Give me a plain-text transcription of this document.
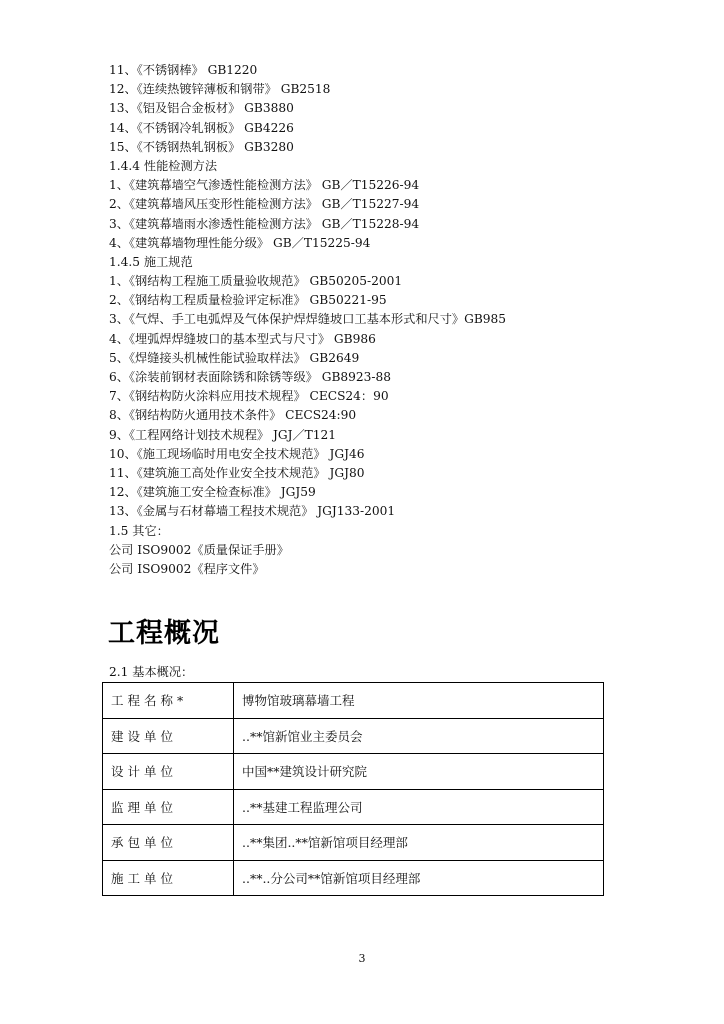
11、《不锈钢棒》 GB1220
12、《连续热镀锌薄板和钢带》 GB2518
13、《铝及铝合金板材》 GB3880
14、《不锈钢冷轧钢板》 GB4226
15、《不锈钢热轧钢板》 GB3280
1.4.4 性能检测方法
1、《建筑幕墙空气渗透性能检测方法》 GB／T15226-94
2、《建筑幕墙风压变形性能检测方法》 GB／T15227-94
3、《建筑幕墙雨水渗透性能检测方法》 GB／T15228-94
4、《建筑幕墙物理性能分级》 GB／T15225-94
1.4.5 施工规范
1、《钢结构工程施工质量验收规范》 GB50205-2001
2、《钢结构工程质量检验评定标准》 GB50221-95
3、《气焊、手工电弧焊及气体保护焊焊缝坡口工基本形式和尺寸》GB985
4、《埋弧焊焊缝坡口的基本型式与尺寸》 GB986
5、《焊缝接头机械性能试验取样法》 GB2649
6、《涂装前钢材表面除锈和除锈等级》 GB8923-88
7、《钢结构防火涂料应用技术规程》 CECS24：90
8、《钢结构防火通用技术条件》 CECS24:90
9、《工程网络计划技术规程》 JGJ／T121
10、《施工现场临时用电安全技术规范》 JGJ46
11、《建筑施工高处作业安全技术规范》 JGJ80
12、《建筑施工安全检查标准》 JGJ59
13、《金属与石材幕墙工程技术规范》 JGJ133-2001
1.5 其它：
公司 ISO9002《质量保证手册》
公司 ISO9002《程序文件》
工程概况
2.1 基本概况：
工程名称*	博物馆玻璃幕墙工程
建设单位	..**馆新馆业主委员会
设计单位	中国**建筑设计研究院
监理单位	..**基建工程监理公司
承包单位	..**集团..**馆新馆项目经理部
施工单位	..**..分公司**馆新馆项目经理部
3
